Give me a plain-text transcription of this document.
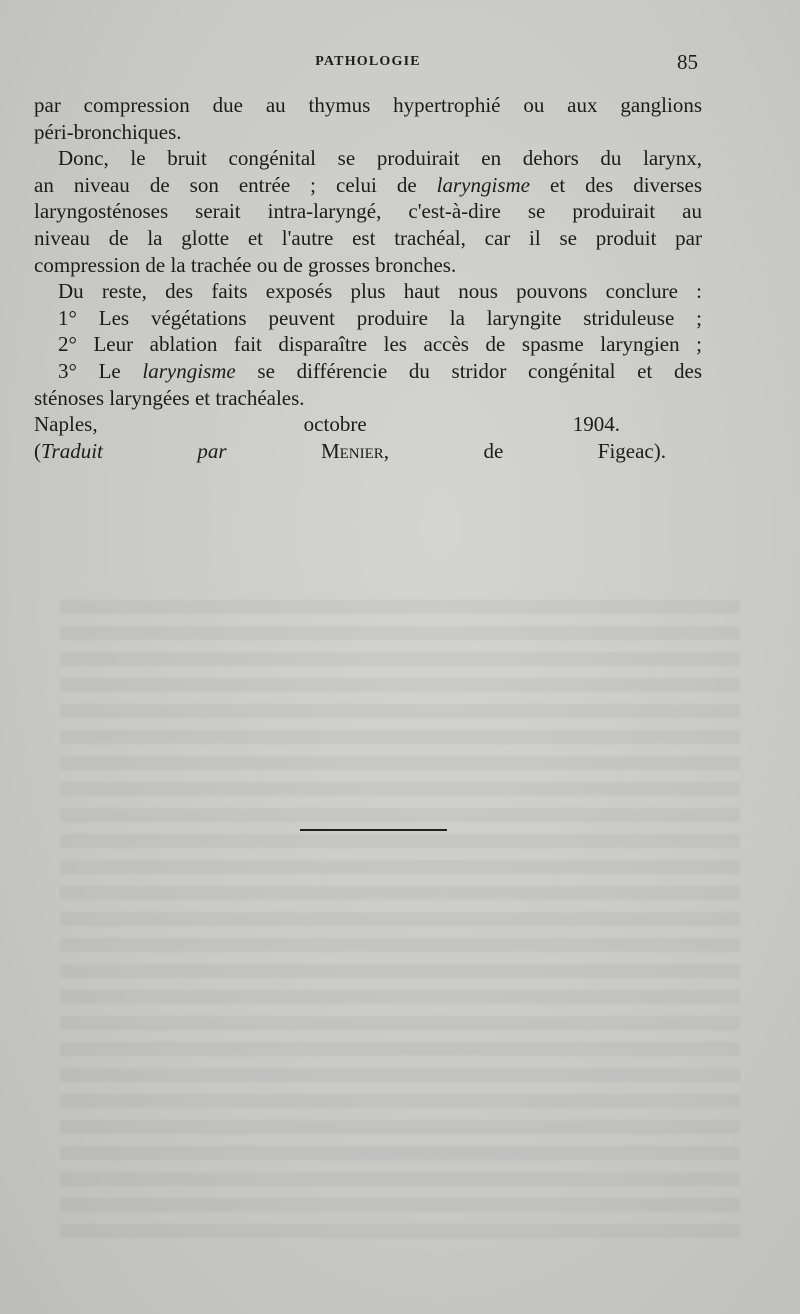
PATHOLOGIE	85

par compression due au thymus hypertrophié ou aux ganglions

péri-bronchiques.

Donc, le bruit congénital se produirait en dehors du larynx,

an niveau de son entrée ; celui de laryngisme et des diverses

laryngosténoses serait intra-laryngé, c'est-à-dire se produirait au

niveau de la glotte et l'autre est trachéal, car il se produit par

compression de la trachée ou de grosses bronches.

Du reste, des faits exposés plus haut nous pouvons conclure :

1° Les végétations peuvent produire la laryngite striduleuse ;

2° Leur ablation fait disparaître les accès de spasme laryngien ;

3° Le laryngisme se différencie du stridor congénital et des

sténoses laryngées et trachéales.

Naples, octobre 1904.

(Traduit par	Menier, de Figeac).
